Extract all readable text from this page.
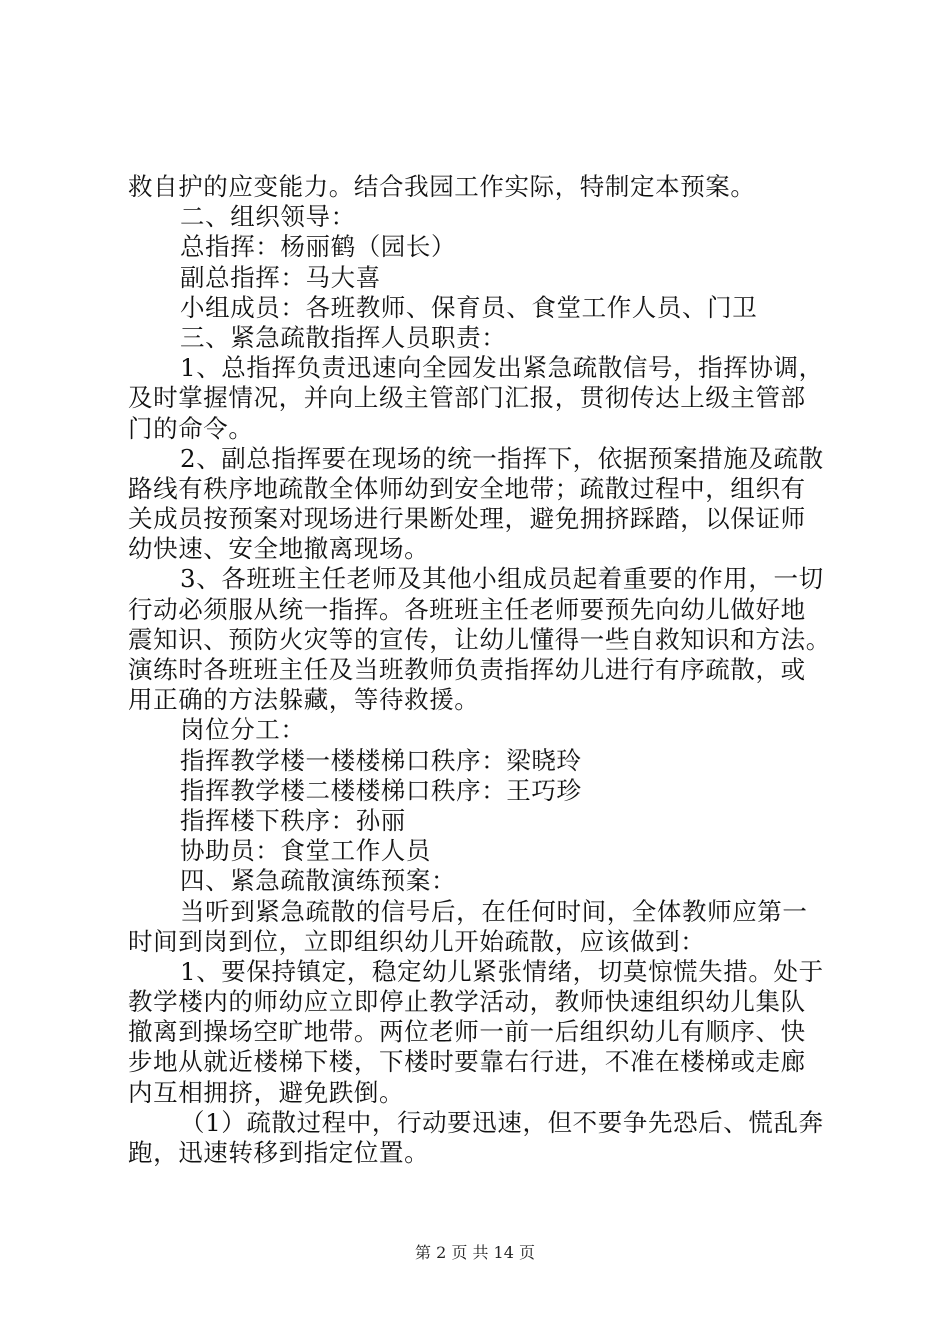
救自护的应变能力。结合我园工作实际，特制定本预案。
二、组织领导：
总指挥：杨丽鹤（园长）
副总指挥：马大喜
小组成员：各班教师、保育员、食堂工作人员、门卫
三、紧急疏散指挥人员职责：
1、总指挥负责迅速向全园发出紧急疏散信号，指挥协调，
及时掌握情况，并向上级主管部门汇报，贯彻传达上级主管部
门的命令。
2、副总指挥要在现场的统一指挥下，依据预案措施及疏散
路线有秩序地疏散全体师幼到安全地带；疏散过程中，组织有
关成员按预案对现场进行果断处理，避免拥挤踩踏，以保证师
幼快速、安全地撤离现场。
3、各班班主任老师及其他小组成员起着重要的作用，一切
行动必须服从统一指挥。各班班主任老师要预先向幼儿做好地
震知识、预防火灾等的宣传，让幼儿懂得一些自救知识和方法。
演练时各班班主任及当班教师负责指挥幼儿进行有序疏散，或
用正确的方法躲藏，等待救援。
岗位分工：
指挥教学楼一楼楼梯口秩序：梁晓玲
指挥教学楼二楼楼梯口秩序：王巧珍
指挥楼下秩序：孙丽
协助员：食堂工作人员
四、紧急疏散演练预案：
当听到紧急疏散的信号后，在任何时间，全体教师应第一
时间到岗到位，立即组织幼儿开始疏散，应该做到：
1、要保持镇定，稳定幼儿紧张情绪，切莫惊慌失措。处于
教学楼内的师幼应立即停止教学活动，教师快速组织幼儿集队
撤离到操场空旷地带。两位老师一前一后组织幼儿有顺序、快
步地从就近楼梯下楼，下楼时要靠右行进，不准在楼梯或走廊
内互相拥挤，避免跌倒。
（1）疏散过程中，行动要迅速，但不要争先恐后、慌乱奔
跑，迅速转移到指定位置。
第 2 页 共 14 页
